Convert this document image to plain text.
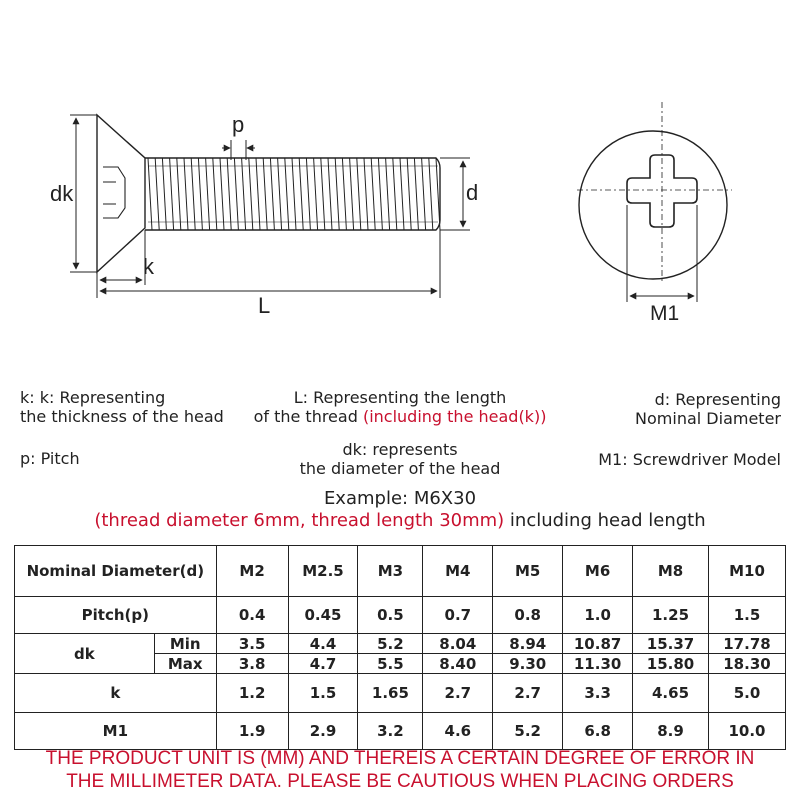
dk
p
d
k
L	M1
k: k: Representing
the thickness of the head
L: Representing the length
of the thread (including the head(k))
d: Representing
Nominal Diameter
p: Pitch	dk: represents
the diameter of the head	M1: Screwdriver Model
Example: M6X30
(thread diameter 6mm, thread length 30mm) including head length
Nominal Diameter(d)		M2	M2.5	M3	M4	M5	M6	M8	M10
Pitch(p)		0.4	0.45	0.5	0.7	0.8	1.0	1.25	1.5
dk	Min	3.5	4.4	5.2	8.04	8.94	10.87	15.37	17.78
	Max	3.8	4.7	5.5	8.40	9.30	11.30	15.80	18.30
k		1.2	1.5	1.65	2.7	2.7	3.3	4.65	5.0
M1		1.9	2.9	3.2	4.6	5.2	6.8	8.9	10.0
THE PRODUCT UNIT IS (MM) AND THEREIS A CERTAIN DEGREE OF ERROR IN
THE MILLIMETER DATA. PLEASE BE CAUTIOUS WHEN PLACING ORDERS
